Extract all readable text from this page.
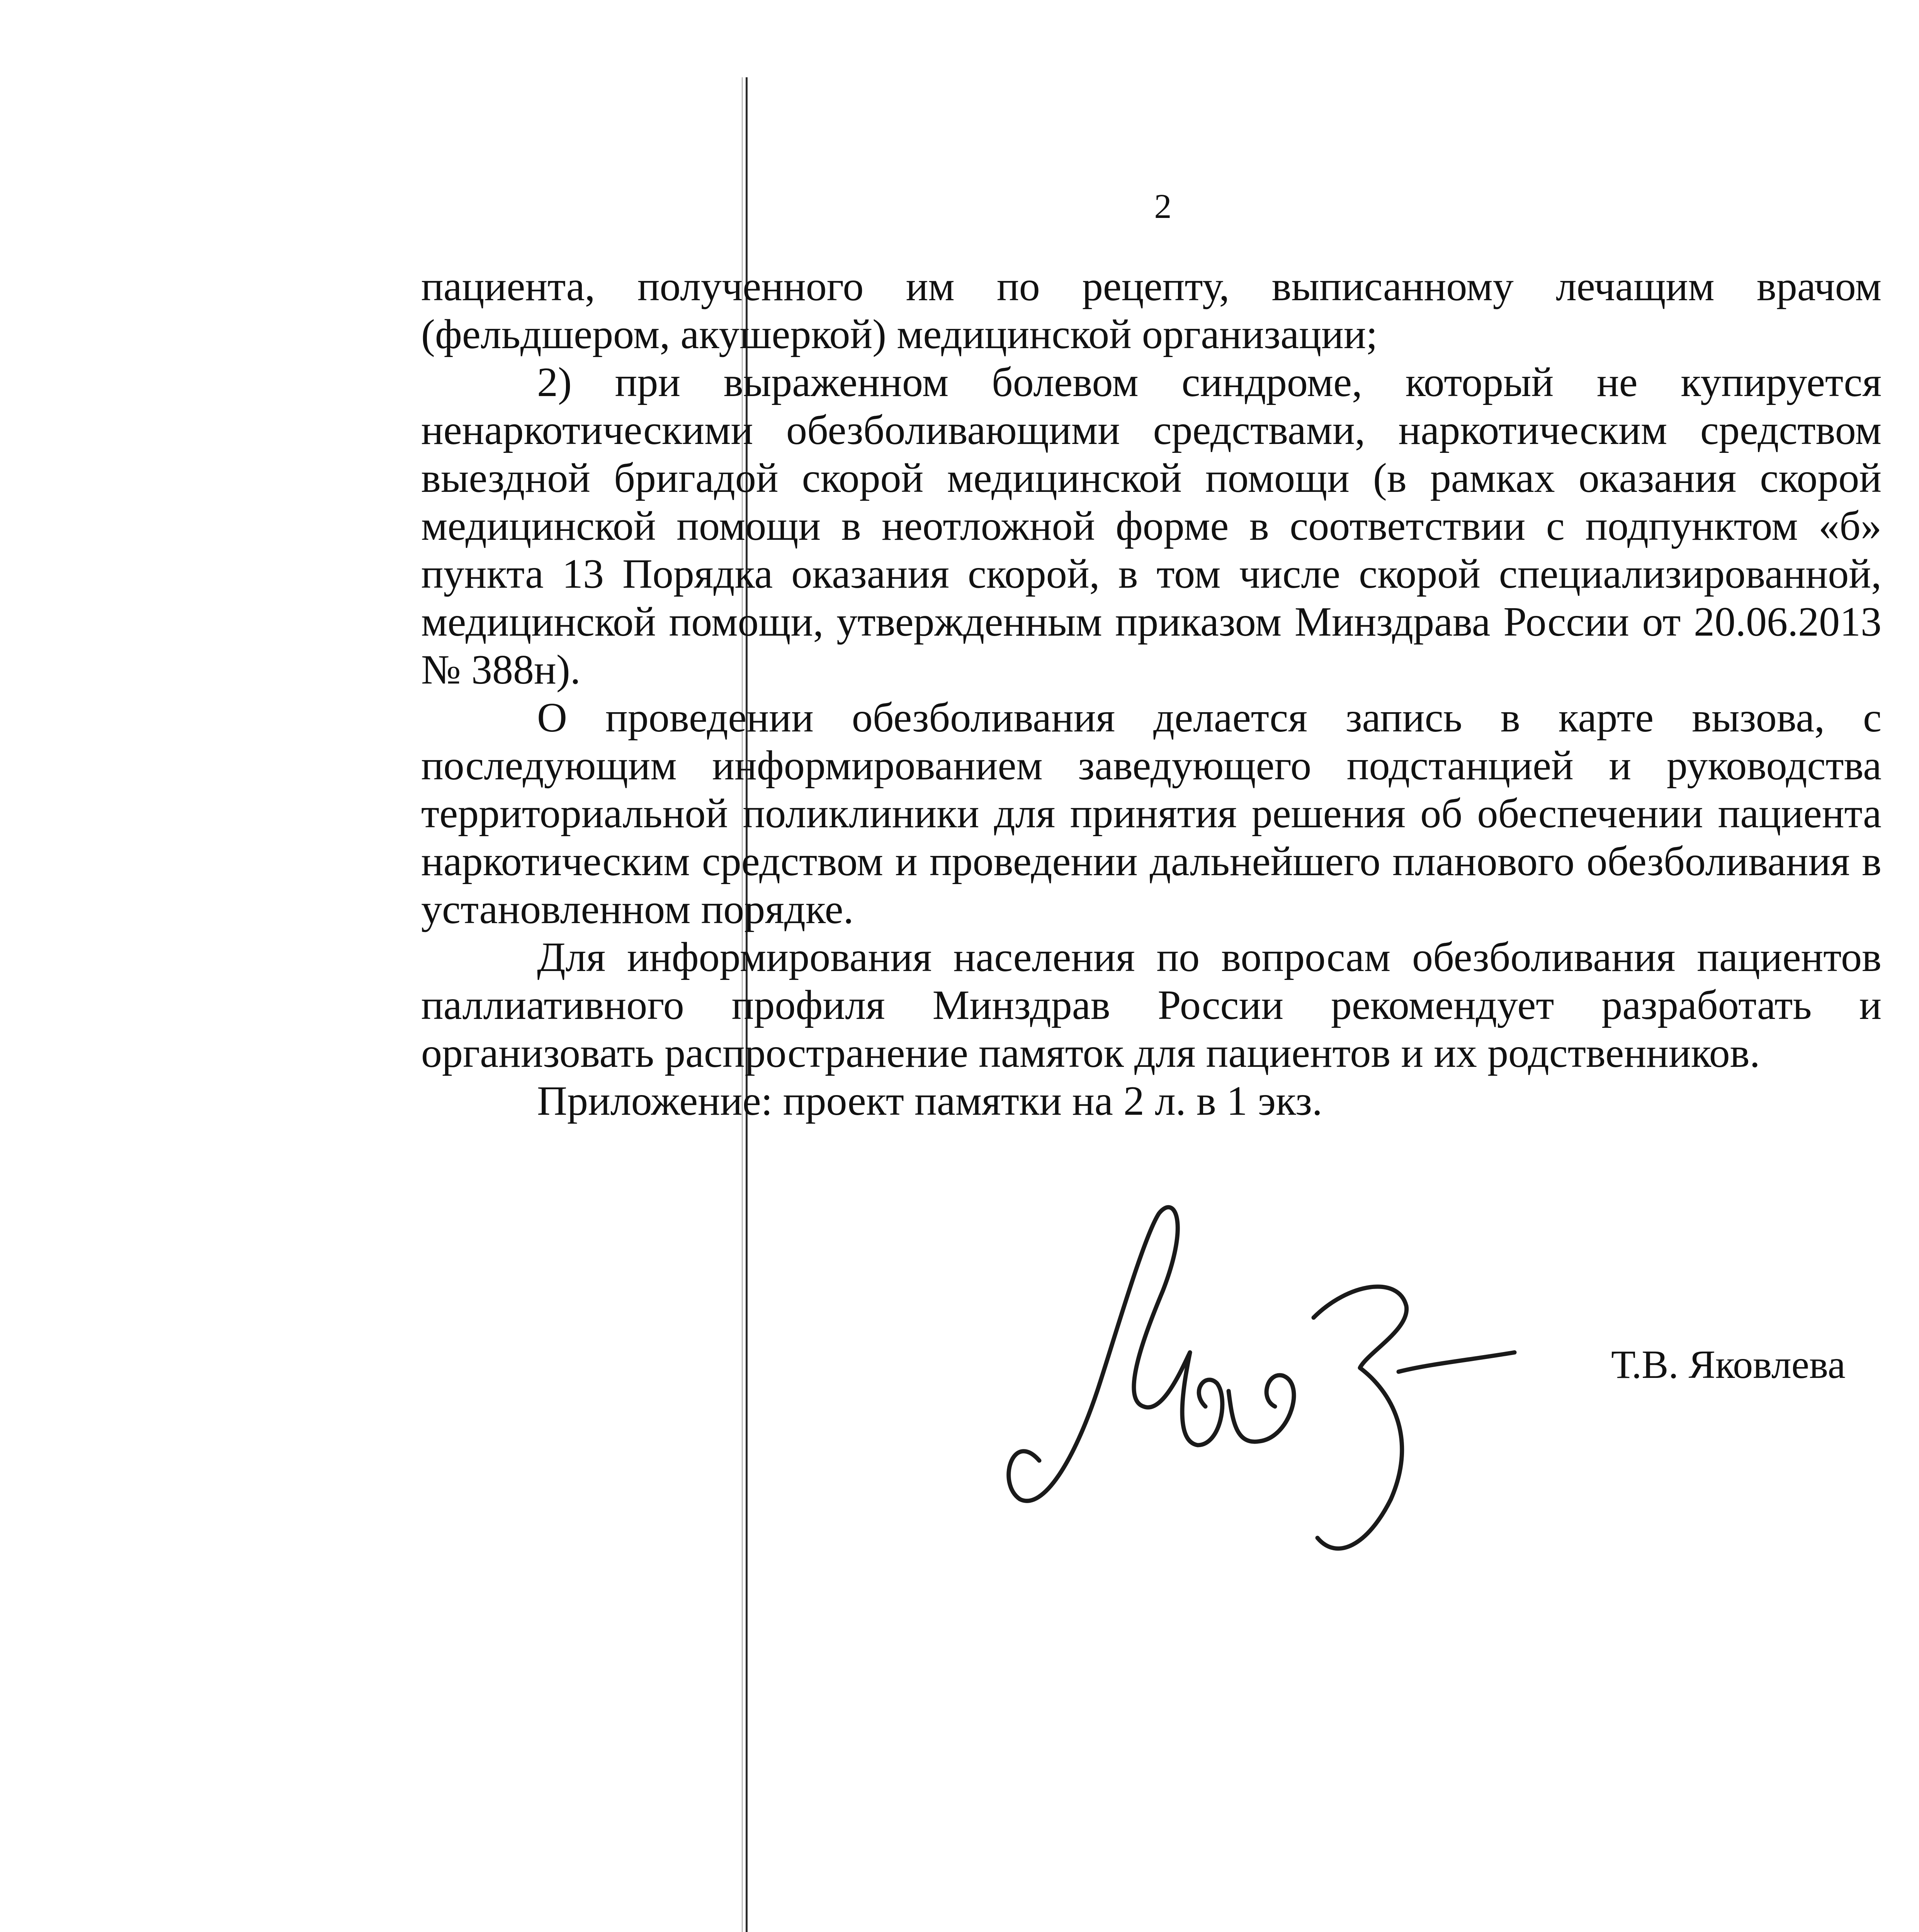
2

пациента, полученного им по рецепту, выписанному лечащим врачом (фельдшером, акушеркой) медицинской организации;

2) при выраженном болевом синдроме, который не купируется ненаркотическими обезболивающими средствами, наркотическим средством выездной бригадой скорой медицинской помощи (в рамках оказания скорой медицинской помощи в неотложной форме в соответствии с подпунктом «б» пункта 13 Порядка оказания скорой, в том числе скорой специализированной, медицинской помощи, утвержденным приказом Минздрава России от 20.06.2013 № 388н).

О проведении обезболивания делается запись в карте вызова, с последующим информированием заведующего подстанцией и руководства территориальной поликлиники для принятия решения об обеспечении пациента наркотическим средством и проведении дальнейшего планового обезболивания в установленном порядке.

Для информирования населения по вопросам обезболивания пациентов паллиативного профиля Минздрав России рекомендует разработать и организовать распространение памяток для пациентов и их родственников.

Приложение: проект памятки на 2 л. в 1 экз.

Т.В. Яковлева
